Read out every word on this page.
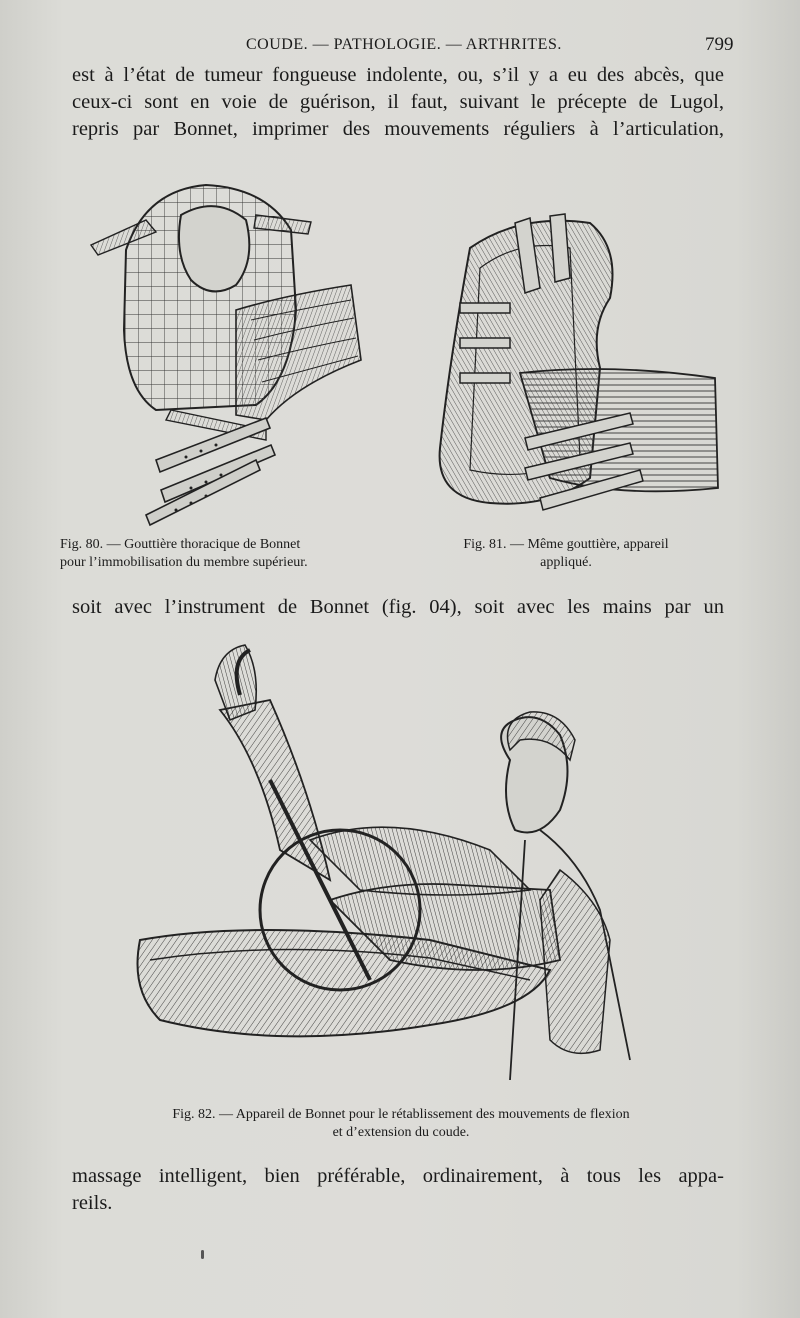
COUDE. — PATHOLOGIE. — ARTHRITES.	799
est à l’état de tumeur fongueuse indolente, ou, s’il y a eu des abcès, que
ceux-ci sont en voie de guérison, il faut, suivant le précepte de Lugol,
repris par Bonnet, imprimer des mouvements réguliers à l’articulation,
Fig. 80. — Gouttière thoracique de Bonnet
pour l’immobilisation du membre supérieur.
Fig. 81. — Même gouttière, appareil
appliqué.
soit avec l’instrument de Bonnet (fig. 04), soit avec les mains par un
Fig. 82. — Appareil de Bonnet pour le rétablissement des mouvements de flexion
et d’extension du coude.
massage intelligent, bien préférable, ordinairement, à tous les appa-
reils.
